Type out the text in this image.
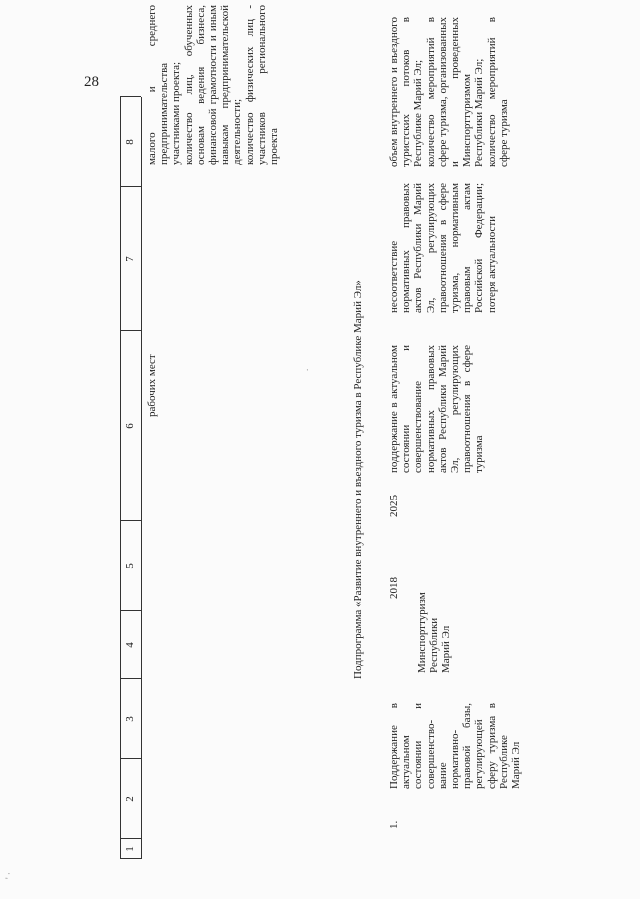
28
1
2
3
4
5
6
7
8
рабочих мест
малого и среднего предпринимательства участниками проекта; количество лиц, обученных основам ведения бизнеса, финансовой грамотности и иным навыкам предпринимательской деятельности; количество физических лиц - участников регионального проекта
Подпрограмма «Развитие внутреннего и въездного туризма в Республике Марий Эл»
1.
Поддержание в актуальном состоянии и совершенство-вание нормативно-правовой базы, регулирующей сферу туризма в Республике Марий Эл
Минспорттуризм Республики Марий Эл
2018
2025
поддержание в актуальном состоянии и совершенствование нормативных правовых актов Республики Марий Эл, регулирующих правоотношения в сфере туризма
несоответствие нормативных правовых актов Республики Марий Эл, регулирующих правоотношения в сфере туризма, нормативным правовым актам Российской Федерации; потеря актуальности
объем внутреннего и въездного туристских потоков в Республике Марий Эл; количество мероприятий в сфере туризма, организованных и проведенных Минспорттуризмом Республики Марий Эл; количество мероприятий в сфере туризма
' ·
.
